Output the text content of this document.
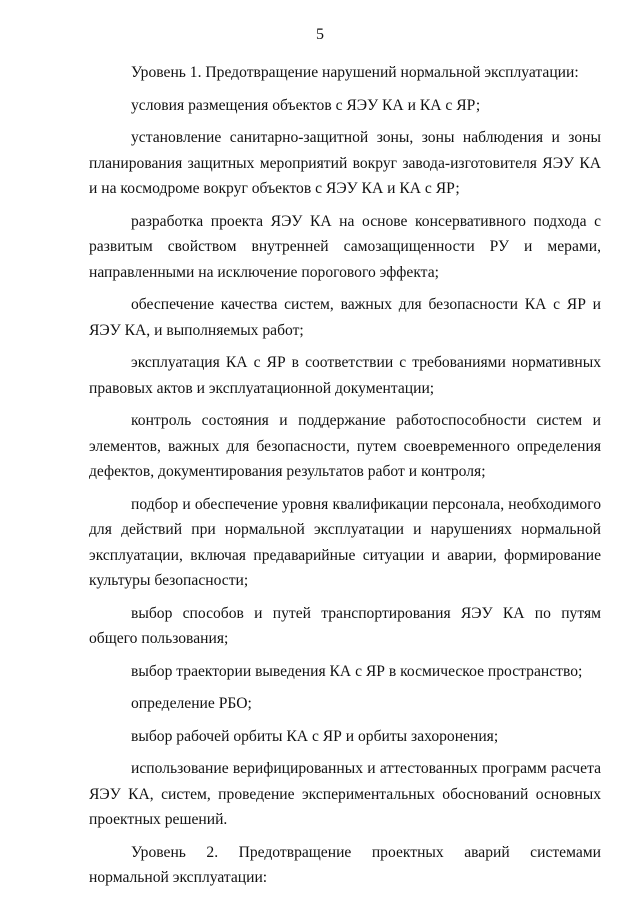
5

Уровень 1. Предотвращение нарушений нормальной эксплуатации:

условия размещения объектов с ЯЭУ КА и КА с ЯР;

установление санитарно-защитной зоны, зоны наблюдения и зоны планирования защитных мероприятий вокруг завода-изготовителя ЯЭУ КА и на космодроме вокруг объектов с ЯЭУ КА и КА с ЯР;

разработка проекта ЯЭУ КА на основе консервативного подхода с развитым свойством внутренней самозащищенности РУ и мерами, направленными на исключение порогового эффекта;

обеспечение качества систем, важных для безопасности КА с ЯР и ЯЭУ КА, и выполняемых работ;

эксплуатация КА с ЯР в соответствии с требованиями нормативных правовых актов и эксплуатационной документации;

контроль состояния и поддержание работоспособности систем и элементов, важных для безопасности, путем своевременного определения дефектов, документирования результатов работ и контроля;

подбор и обеспечение уровня квалификации персонала, необходимого для действий при нормальной эксплуатации и нарушениях нормальной эксплуатации, включая предаварийные ситуации и аварии, формирование культуры безопасности;

выбор способов и путей транспортирования ЯЭУ КА по путям общего пользования;

выбор траектории выведения КА с ЯР в космическое пространство;

определение РБО;

выбор рабочей орбиты КА с ЯР и орбиты захоронения;

использование верифицированных и аттестованных программ расчета ЯЭУ КА, систем, проведение экспериментальных обоснований основных проектных решений.

Уровень 2. Предотвращение проектных аварий системами нормальной эксплуатации:
